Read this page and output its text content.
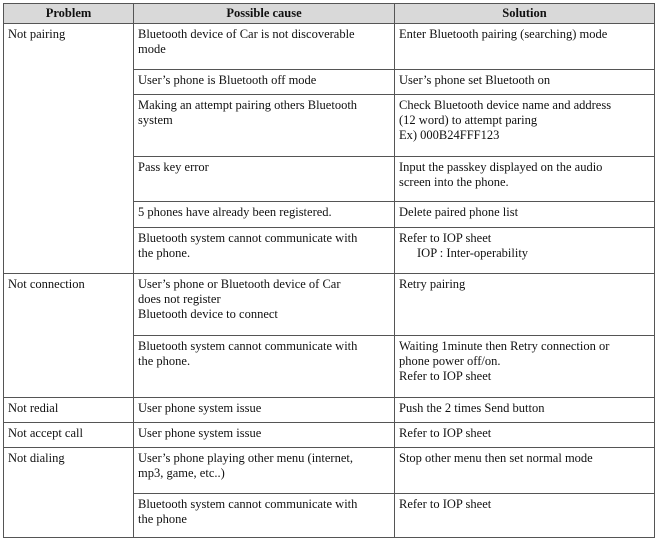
Problem	Possible cause	Solution
Not pairing	Bluetooth device of Car is not discoverable
mode	Enter Bluetooth pairing (searching) mode

	User’s phone is Bluetooth off mode	User’s phone set Bluetooth on

	Making an attempt pairing others Bluetooth
system	Check Bluetooth device name and address
(12 word) to attempt paring
Ex) 000B24FFF123

	Pass key error	Input the passkey displayed on the audio
screen into the phone.

	5 phones have already been registered.	Delete paired phone list

	Bluetooth system cannot communicate with
the phone.	Refer to IOP sheet
IOP : Inter-operability

Not connection	User’s phone or Bluetooth device of Car
does not register
Bluetooth device to connect	Retry pairing

	Bluetooth system cannot communicate with
the phone.	Waiting 1minute then Retry connection or
phone power off/on.
Refer to IOP sheet

Not redial	User phone system issue	Push the 2 times Send button

Not accept call	User phone system issue	Refer to IOP sheet

Not dialing	User’s phone playing other menu (internet,
mp3, game, etc..)	Stop other menu then set normal mode

	Bluetooth system cannot communicate with
the phone	Refer to IOP sheet
